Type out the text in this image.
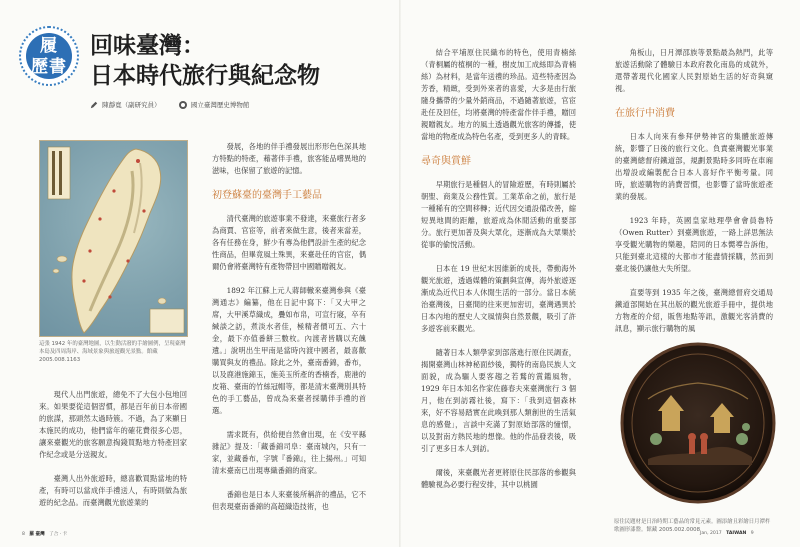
履
歷書
回味臺灣：
日本時代旅行與紀念物
陳靜寬（副研究員）	國立臺灣歷史博物館
這張 1942 年的臺灣地圖，以生動活潑的手繪圖例，呈現臺灣本島及四周海岸、海域景象與旅遊觀光景點。館藏 2005.008.1163

現代人出門旅遊，總免不了大包小包地回來。如果要從這個習慣，都是百年前日本帝國的旅謀，那頭然太過時簇。不過，為了來顯日本施民的成功，他們當年的確花費很多心思，讓來臺觀光的旅客願意掏錢買點地方特產回家作紀念或是分送親友。

臺灣人出外旅遊時，總喜歡買點當地的特產，有時可以當成伴手禮送人，有時則做為旅遊的紀念品。而臺灣觀光旅遊業的

發展，各地的伴手禮發展出形形色色深具地方特點的特產，藉著伴手禮，旅客能品嚐異地的滋味，也保留了旅遊的記憶。

初登蘇臺的臺灣手工藝品

清代臺灣的旅遊事業不發達，來臺旅行者多為商賈、官宦等，前者來做生意，後者來當差，各有任務在身，鮮少有專為他們設計生產的紀念性商品，但畢竟風土殊異，來臺赴任的官宦，偶爾仍會將臺灣特有產物帶回中國贈贈親友。

1892 年江蘇上元人蔣師轍來臺灣參與《臺灣通志》編纂，他在日記中寫下：「又大甲之席，大甲溪草織成，疊如布帛，可宣行寢，卒有緘談之訪，煮淡水者佳，極精者價可五、六十金，最下亦值番餅三數枚。內渡者皆購以充餽遺。」說明出生甲南是當時內渡中國者，最喜歡購買與友的禮品。除此之外，臺南番錦，番布，以及鹿港施錦玉，施美玉所產的香楠香，鹿港的皮箱、臺南的竹絲冠帽等，都是清末臺灣別具特色的手工藝品，曾成為來臺者採購伴手禮的首選。

需求既有，供給便自然會出現，在《安平縣雜記》提及：「藏番錦司阜：臺南城內，只有一家，並藏番布，字號『番錦』，往上揚州。」可知清末臺南已出現專織番錦的商家。

番錦也是日本人來臺後所稱許的禮品，它不但表現臺南番錦的高超織造技術，也

結合平埔原住民織布的特色，使用青楠絲（青桐屬的植桐的一種，樹皮加工成絲即為青楠絲）為材料，是當年送禮的珍品。這些特產因為芳香，精緻，受到外來者的喜愛，大多是由行旅隨身攜帶的少量外銷商品，不過隨著旅遊，官宦赴任及回任，均將臺灣的特產當作伴手禮，贈回親贈親友。地方的風土透過觀光旅客的傳播，使當地的物產成為特色名產，受到更多人的青睞。

尋奇與賞鮮

早期旅行是種個人的冒險遊歷，有時則屬於朝聖、商業及公務性質。工業革命之前，旅行是一種稀有的空間移轉；近代因交通設備改善，縮短異地間的距離，旅遊成為休閒活動的重要部分。旅行更加普及與大眾化，逐漸成為大眾樂於從事的偷悅活動。

日本在 19 世紀末因維新的成長，帶動海外觀光旅遊，透過媒體的策劃與宣傳，海外旅遊逐漸成為近代日本人休閒生活的一部分。當日本統治臺灣後，日臺間的往來更加密切，臺灣遇異於日本內地的歷史人文風情與自然景觀，吸引了許多遊客前來觀光。

隨著日本人類學家到部落進行原住民調查，揭開臺灣山林神秘面紗後，獨特的南島民族人文面貌，成為驅人要客趨之若鶩的賞鑑風物，1929 年日本知名作家佐藤春夫來臺灣旅行 3 個月，他在到訪霧社後，寫下：「我到這個森林來，好不容易踏實在此喚到那人類創世的生活氣息的感覺」，言談中充滿了對原始部落的憧憬，以及對南方熱民地的想像。他的作品發表後，吸引了更多日本人到訪。

爾後，來臺觀光者更將原住民部落的參觀與體驗視為必要行程安排，其中以桃園

角板山，日月潭邵族等景點最為熱門，此等旅遊活動除了體驗日本政府教化南島的成就外，還帶著現代化國家人民對原始生活的好奇與窺視。

在旅行中消費

日本人向來有參拜伊勢神宮的集體旅遊傳統，影響了日後的旅行文化。負責臺灣觀光事業的臺灣總督府鐵道部，規劃景點時多同時在車廂出增設或編製配合日本人喜好作平衡考量。同時，旅遊購物的消費習慣，也影響了當時旅遊產業的發展。

1923 年時，英國皇家地理學會會員魯特（Owen Rutter）到臺灣旅遊，一路上詳思無法享受觀光購物的樂趣，陪同的日本嚮導告訴他，只能到臺北這樣的大都市才能盡情採購，然而到臺北後仍讓他大失所望。

直要等到 1935 年之後，臺灣總督府交通局鐵道部開始在其出版的觀光旅遊手冊中，提供地方物產的介紹，販售地點等訊，激觀光客消費的訊息，顯示旅行購物的風

原住民題材是日治時期工藝品的常見元素。圖添繪且彩繪日月潭杵歌圖形漆盤。館藏 2005.002.0008
8 羅 臺灣 了合 · 卡	Jan, 2017 TAIWAN 9
